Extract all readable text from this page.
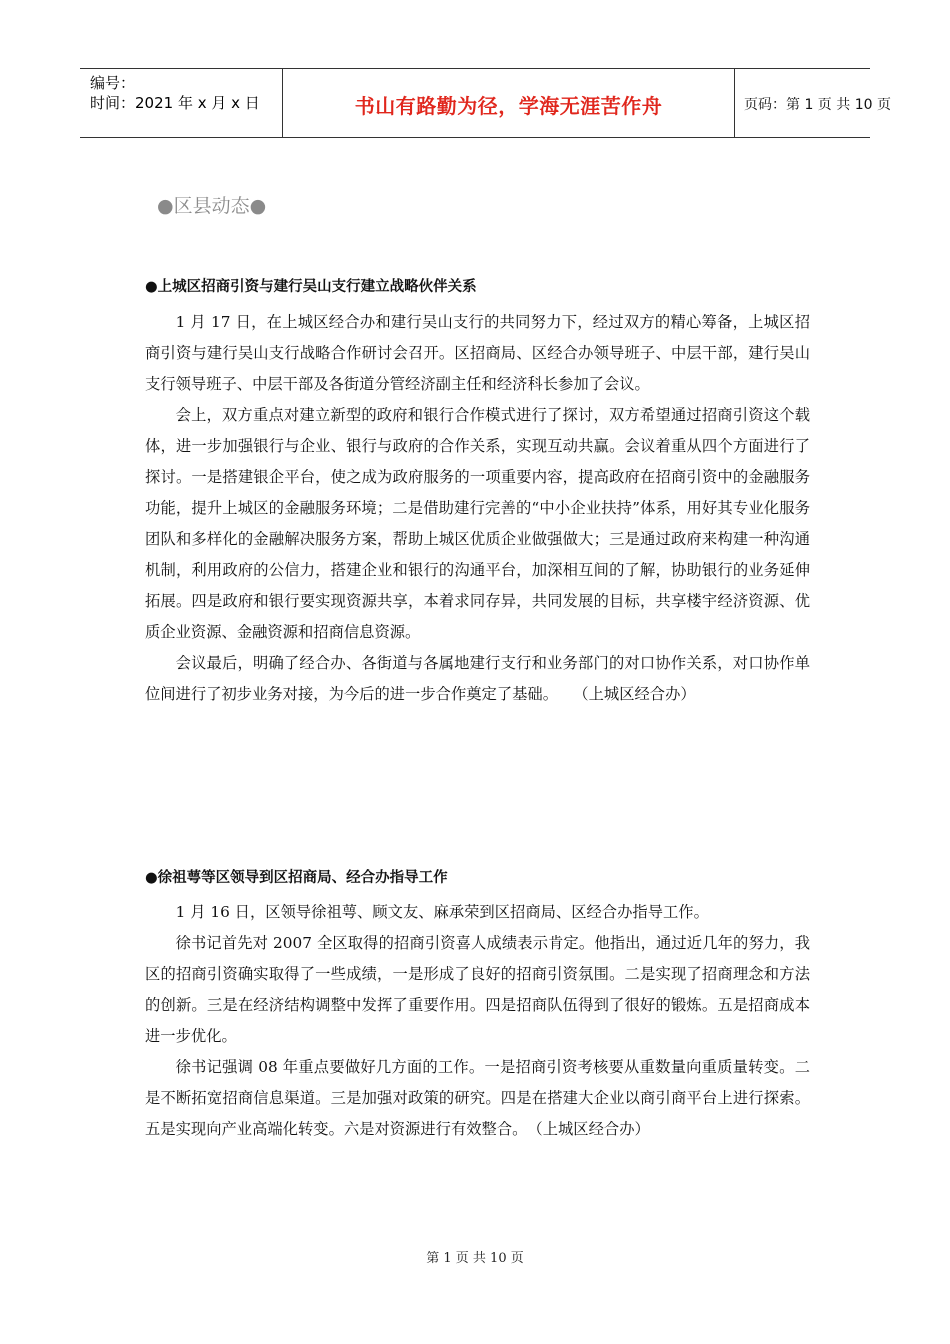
编号：
时间：2021 年 x 月 x 日	书山有路勤为径，学海无涯苦作舟	页码：第 1 页 共 10 页
●区县动态●
●上城区招商引资与建行吴山支行建立战略伙伴关系

1 月 17 日，在上城区经合办和建行吴山支行的共同努力下，经过双方的精心筹备，上城区招商引资与建行吴山支行战略合作研讨会召开。区招商局、区经合办领导班子、中层干部，建行吴山支行领导班子、中层干部及各街道分管经济副主任和经济科长参加了会议。

会上，双方重点对建立新型的政府和银行合作模式进行了探讨，双方希望通过招商引资这个载体，进一步加强银行与企业、银行与政府的合作关系，实现互动共赢。会议着重从四个方面进行了探讨。一是搭建银企平台，使之成为政府服务的一项重要内容，提高政府在招商引资中的金融服务功能，提升上城区的金融服务环境；二是借助建行完善的“中小企业扶持”体系，用好其专业化服务团队和多样化的金融解决服务方案，帮助上城区优质企业做强做大；三是通过政府来构建一种沟通机制，利用政府的公信力，搭建企业和银行的沟通平台，加深相互间的了解，协助银行的业务延伸拓展。四是政府和银行要实现资源共享，本着求同存异，共同发展的目标，共享楼宇经济资源、优质企业资源、金融资源和招商信息资源。

会议最后，明确了经合办、各街道与各属地建行支行和业务部门的对口协作关系，对口协作单位间进行了初步业务对接，为今后的进一步合作奠定了基础。　　（上城区经合办）

●徐祖萼等区领导到区招商局、经合办指导工作

1 月 16 日，区领导徐祖萼、顾文友、麻承荣到区招商局、区经合办指导工作。

徐书记首先对 2007 全区取得的招商引资喜人成绩表示肯定。他指出，通过近几年的努力，我区的招商引资确实取得了一些成绩，一是形成了良好的招商引资氛围。二是实现了招商理念和方法的创新。三是在经济结构调整中发挥了重要作用。四是招商队伍得到了很好的锻炼。五是招商成本进一步优化。

徐书记强调 08 年重点要做好几方面的工作。一是招商引资考核要从重数量向重质量转变。二是不断拓宽招商信息渠道。三是加强对政策的研究。四是在搭建大企业以商引商平台上进行探索。五是实现向产业高端化转变。六是对资源进行有效整合。　（上城区经合办）

第 1 页 共 10 页
